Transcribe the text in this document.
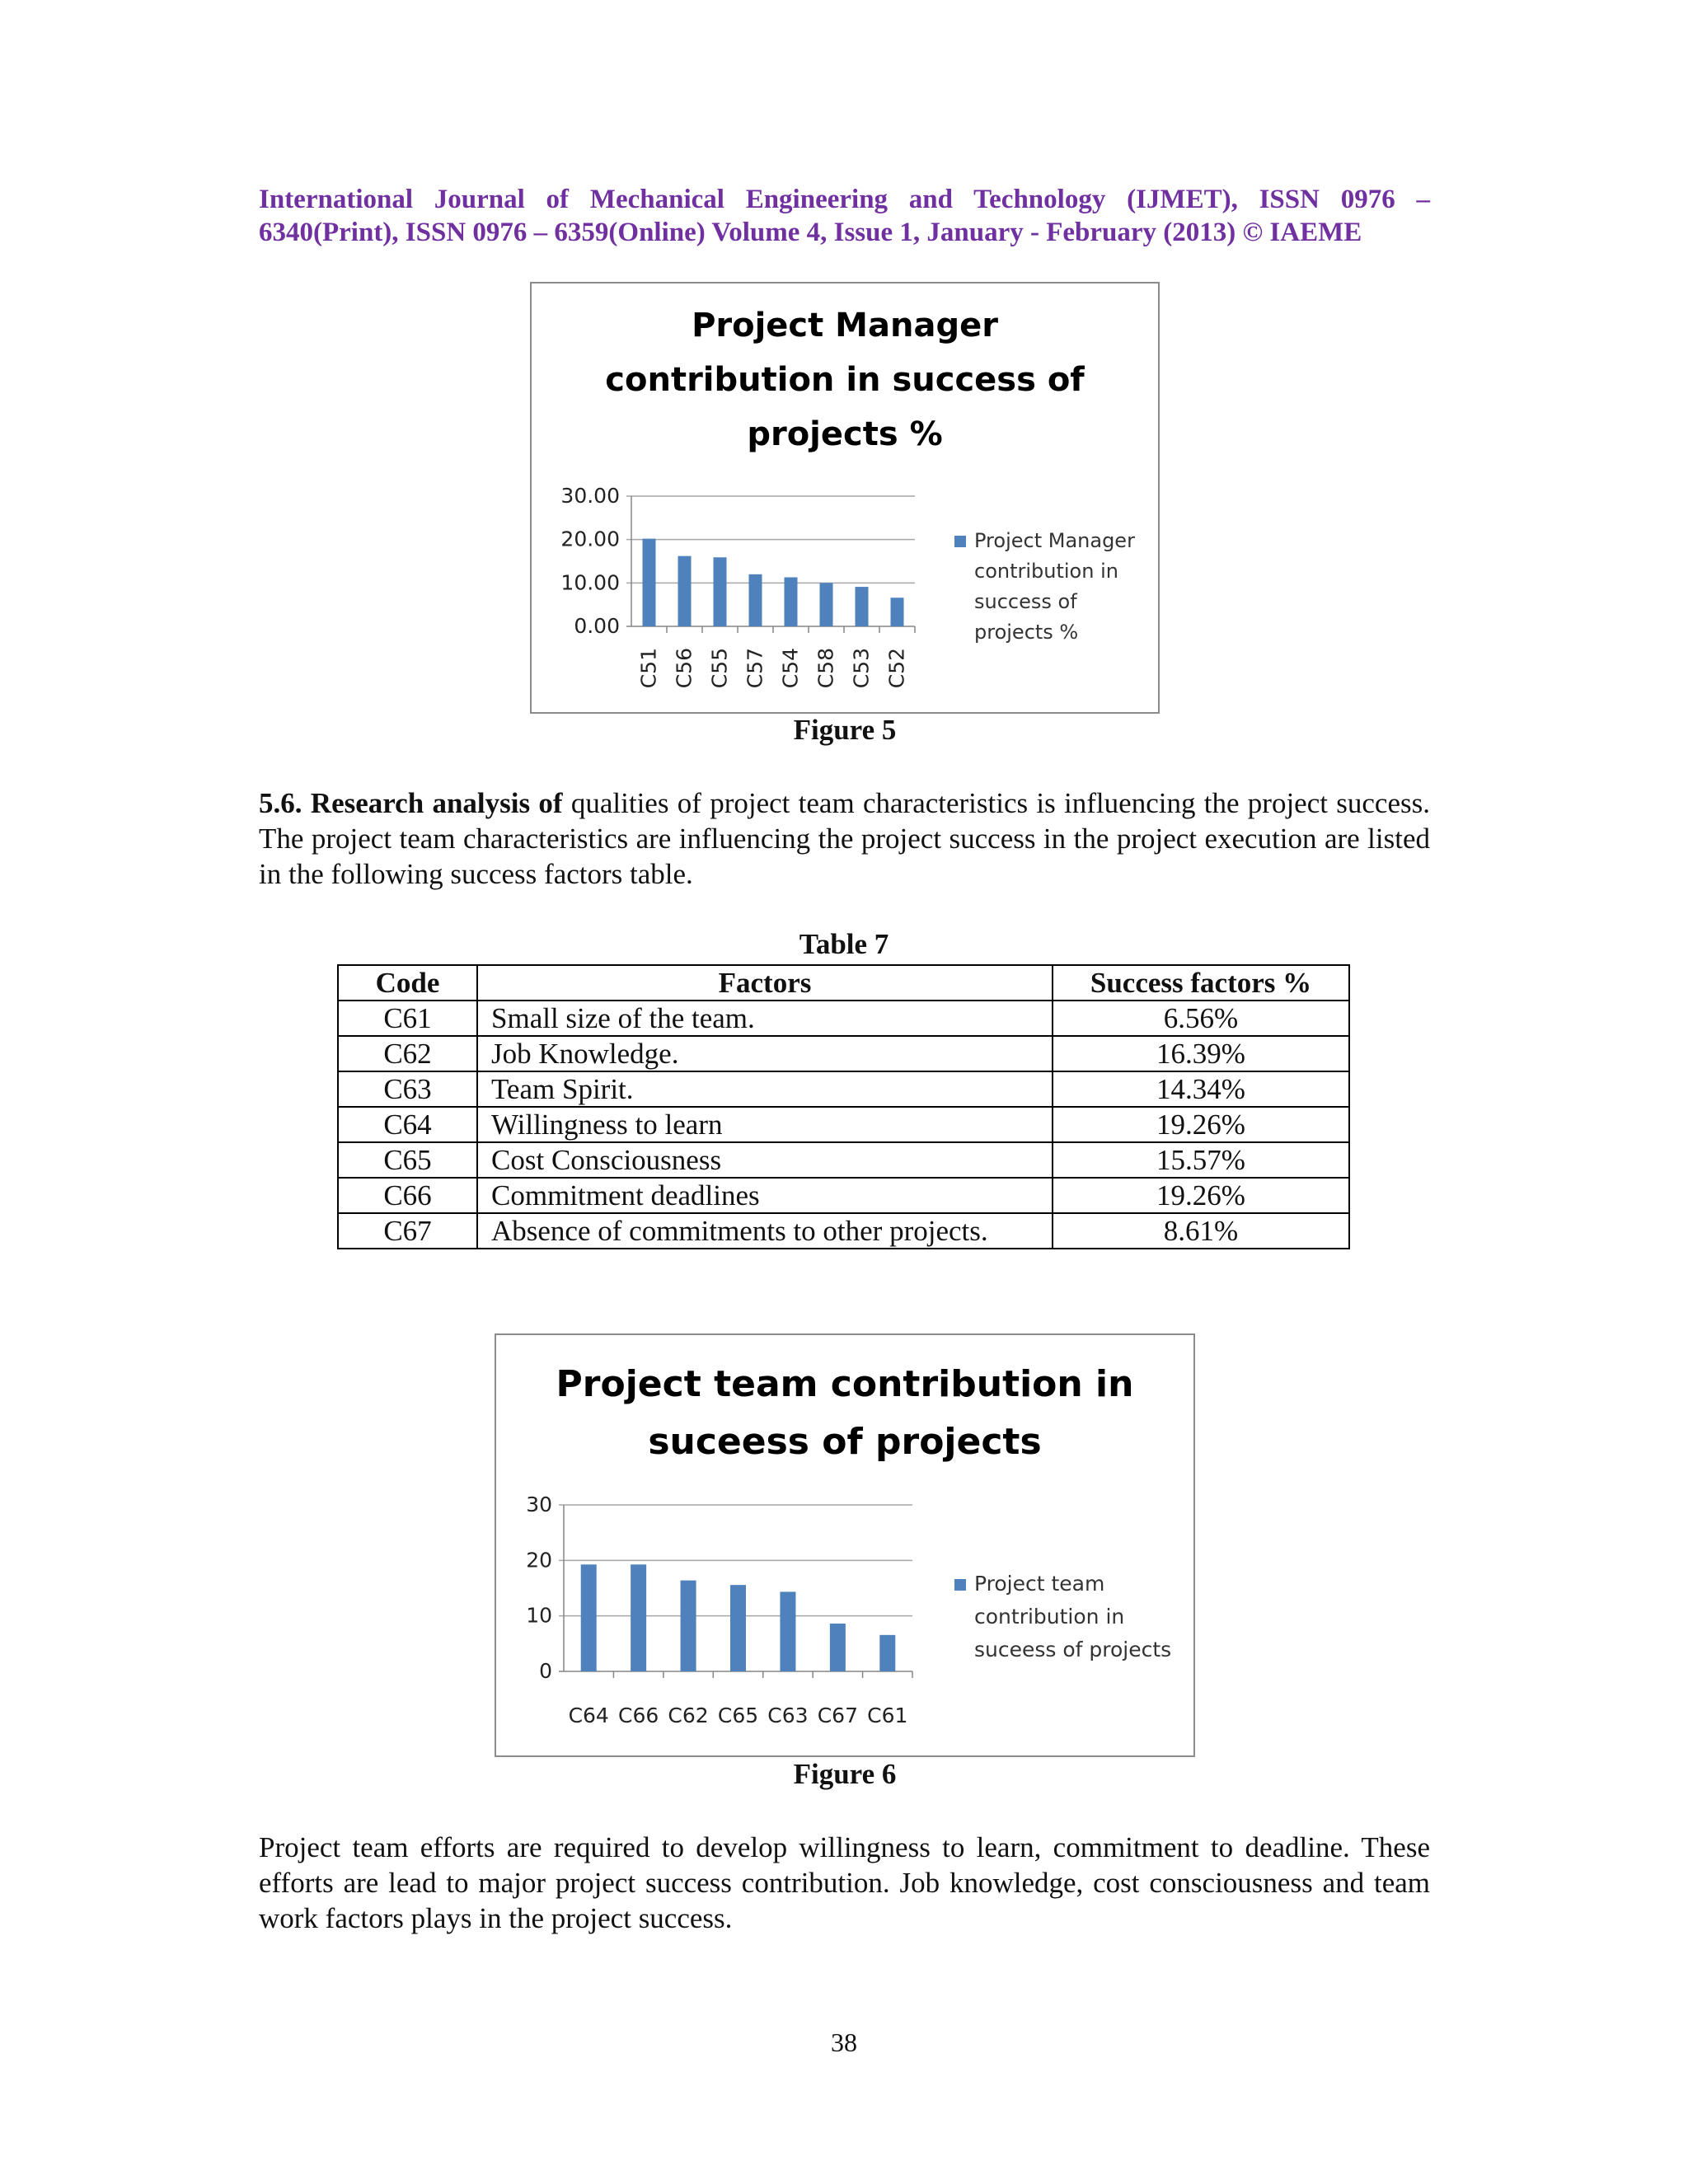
International Journal of Mechanical Engineering and Technology (IJMET), ISSN 0976 –
6340(Print), ISSN 0976 – 6359(Online) Volume 4, Issue 1, January - February (2013) © IAEME
Project Manager
contribution in success of
projects %
0.00
10.00
20.00
30.00
C51 C56 C55 C57 C54 C58 C53 C52
Project Manager
contribution in
success of
projects %
Figure 5
5.6. Research analysis of qualities of project team characteristics is influencing the project success. The project team characteristics are influencing the project success in the project execution are listed in the following success factors table.
Table 7
Code	Factors	Success factors %
C61	Small size of the team.	6.56%
C62	Job Knowledge.	16.39%
C63	Team Spirit.	14.34%
C64	Willingness to learn	19.26%
C65	Cost Consciousness	15.57%
C66	Commitment deadlines	19.26%
C67	Absence of commitments to other projects.	8.61%
Project team contribution in
suceess of projects
0
10
20
30
C64 C66 C62 C65 C63 C67 C61
Project team
contribution in
suceess of projects
Figure 6
Project team efforts are required to develop willingness to learn, commitment to deadline. These efforts are lead to major project success contribution. Job knowledge, cost consciousness and team work factors plays in the project success.
38
